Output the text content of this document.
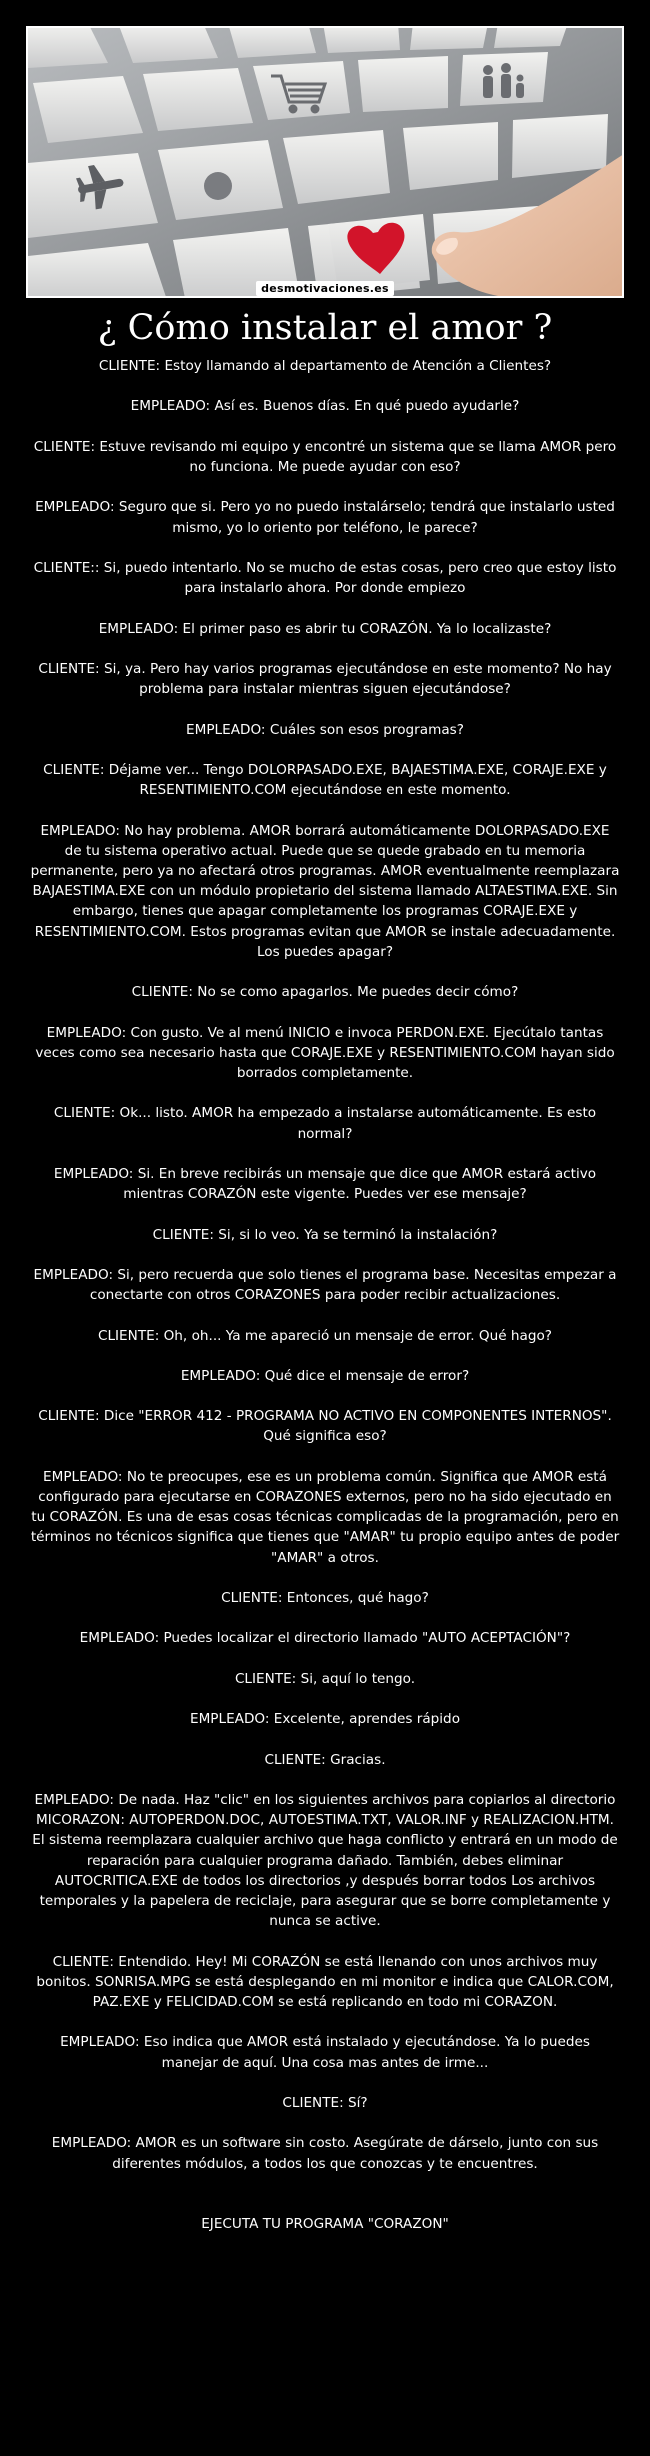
desmotivaciones.es
¿ Cómo instalar el amor ?

CLIENTE: Estoy llamando al departamento de Atención a Clientes?

EMPLEADO: Así es. Buenos días. En qué puedo ayudarle?

CLIENTE: Estuve revisando mi equipo y encontré un sistema que se llama AMOR pero no funciona. Me puede ayudar con eso?

EMPLEADO: Seguro que si. Pero yo no puedo instalárselo; tendrá que instalarlo usted mismo, yo lo oriento por teléfono, le parece?

CLIENTE:: Si, puedo intentarlo. No se mucho de estas cosas, pero creo que estoy listo para instalarlo ahora. Por donde empiezo

EMPLEADO: El primer paso es abrir tu CORAZÓN. Ya lo localizaste?

CLIENTE: Si, ya. Pero hay varios programas ejecutándose en este momento? No hay problema para instalar mientras siguen ejecutándose?

EMPLEADO: Cuáles son esos programas?

CLIENTE: Déjame ver... Tengo DOLORPASADO.EXE, BAJAESTIMA.EXE, CORAJE.EXE y RESENTIMIENTO.COM ejecutándose en este momento.

EMPLEADO: No hay problema. AMOR borrará automáticamente DOLORPASADO.EXE de tu sistema operativo actual. Puede que se quede grabado en tu memoria permanente, pero ya no afectará otros programas. AMOR eventualmente reemplazara BAJAESTIMA.EXE con un módulo propietario del sistema llamado ALTAESTIMA.EXE. Sin embargo, tienes que apagar completamente los programas CORAJE.EXE y RESENTIMIENTO.COM. Estos programas evitan que AMOR se instale adecuadamente. Los puedes apagar?

CLIENTE: No se como apagarlos. Me puedes decir cómo?

EMPLEADO: Con gusto. Ve al menú INICIO e invoca PERDON.EXE. Ejecútalo tantas veces como sea necesario hasta que CORAJE.EXE y RESENTIMIENTO.COM hayan sido borrados completamente.

CLIENTE: Ok... listo. AMOR ha empezado a instalarse automáticamente. Es esto normal?

EMPLEADO: Si. En breve recibirás un mensaje que dice que AMOR estará activo mientras CORAZÓN este vigente. Puedes ver ese mensaje?

CLIENTE: Si, si lo veo. Ya se terminó la instalación?

EMPLEADO: Si, pero recuerda que solo tienes el programa base. Necesitas empezar a conectarte con otros CORAZONES para poder recibir actualizaciones.

CLIENTE: Oh, oh... Ya me apareció un mensaje de error. Qué hago?

EMPLEADO: Qué dice el mensaje de error?

CLIENTE: Dice "ERROR 412 - PROGRAMA NO ACTIVO EN COMPONENTES INTERNOS". Qué significa eso?

EMPLEADO: No te preocupes, ese es un problema común. Significa que AMOR está configurado para ejecutarse en CORAZONES externos, pero no ha sido ejecutado en tu CORAZÓN. Es una de esas cosas técnicas complicadas de la programación, pero en términos no técnicos significa que tienes que "AMAR" tu propio equipo antes de poder "AMAR" a otros.

CLIENTE: Entonces, qué hago?

EMPLEADO: Puedes localizar el directorio llamado "AUTO ACEPTACIÓN"?

CLIENTE: Si, aquí lo tengo.

EMPLEADO: Excelente, aprendes rápido

CLIENTE: Gracias.

EMPLEADO: De nada. Haz "clic" en los siguientes archivos para copiarlos al directorio MICORAZON: AUTOPERDON.DOC, AUTOESTIMA.TXT, VALOR.INF y REALIZACION.HTM. El sistema reemplazara cualquier archivo que haga conflicto y entrará en un modo de reparación para cualquier programa dañado. También, debes eliminar AUTOCRITICA.EXE de todos los directorios ,y después borrar todos Los archivos temporales y la papelera de reciclaje, para asegurar que se borre completamente y nunca se active.

CLIENTE: Entendido. Hey! Mi CORAZÓN se está llenando con unos archivos muy bonitos. SONRISA.MPG se está desplegando en mi monitor e indica que CALOR.COM, PAZ.EXE y FELICIDAD.COM se está replicando en todo mi CORAZON.

EMPLEADO: Eso indica que AMOR está instalado y ejecutándose. Ya lo puedes manejar de aquí. Una cosa mas antes de irme...

CLIENTE: Sí?

EMPLEADO: AMOR es un software sin costo. Asegúrate de dárselo, junto con sus diferentes módulos, a todos los que conozcas y te encuentres.

EJECUTA TU PROGRAMA "CORAZON"
